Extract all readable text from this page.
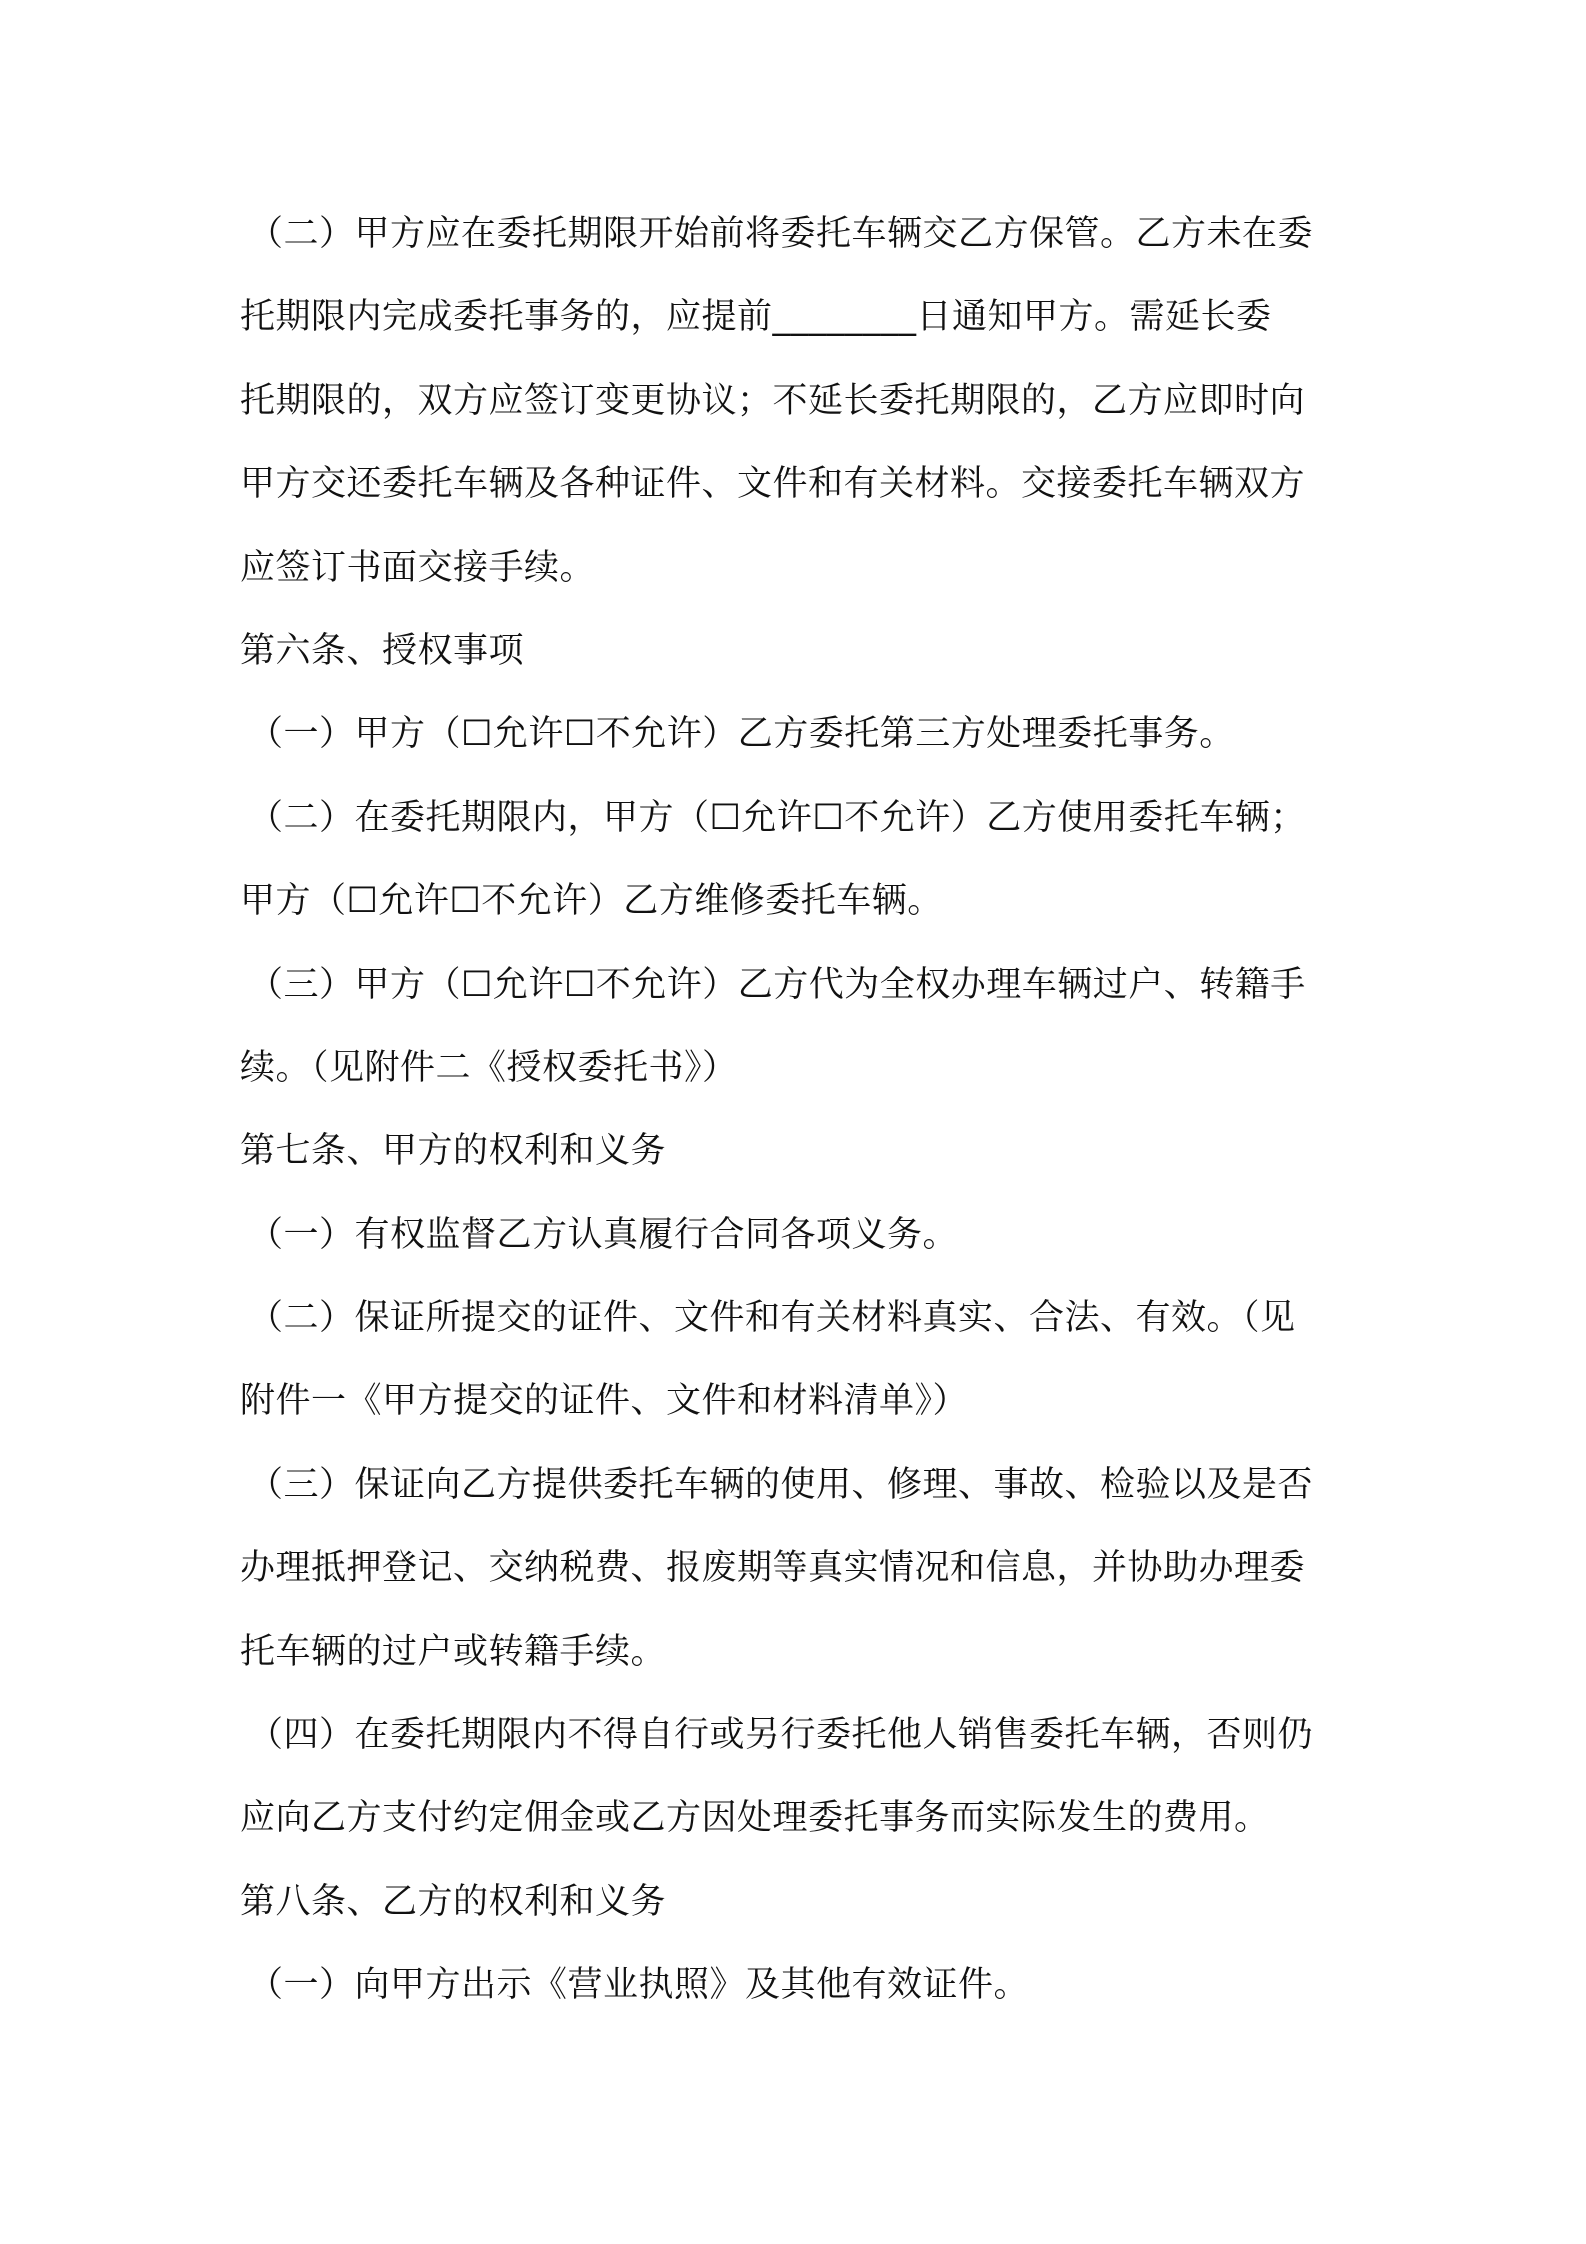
（二）甲方应在委托期限开始前将委托车辆交乙方保管。乙方未在委
托期限内完成委托事务的，应提前________日通知甲方。需延长委
托期限的，双方应签订变更协议；不延长委托期限的，乙方应即时向
甲方交还委托车辆及各种证件、文件和有关材料。交接委托车辆双方
应签订书面交接手续。
第六条、授权事项
（一）甲方（☐允许☐不允许）乙方委托第三方处理委托事务。
（二）在委托期限内，甲方（☐允许☐不允许）乙方使用委托车辆；
甲方（☐允许☐不允许）乙方维修委托车辆。
（三）甲方（☐允许☐不允许）乙方代为全权办理车辆过户、转籍手
续。（见附件二《授权委托书》）
第七条、甲方的权利和义务
（一）有权监督乙方认真履行合同各项义务。
（二）保证所提交的证件、文件和有关材料真实、合法、有效。（见
附件一《甲方提交的证件、文件和材料清单》）
（三）保证向乙方提供委托车辆的使用、修理、事故、检验以及是否
办理抵押登记、交纳税费、报废期等真实情况和信息，并协助办理委
托车辆的过户或转籍手续。
（四）在委托期限内不得自行或另行委托他人销售委托车辆，否则仍
应向乙方支付约定佣金或乙方因处理委托事务而实际发生的费用。
第八条、乙方的权利和义务
（一）向甲方出示《营业执照》及其他有效证件。
